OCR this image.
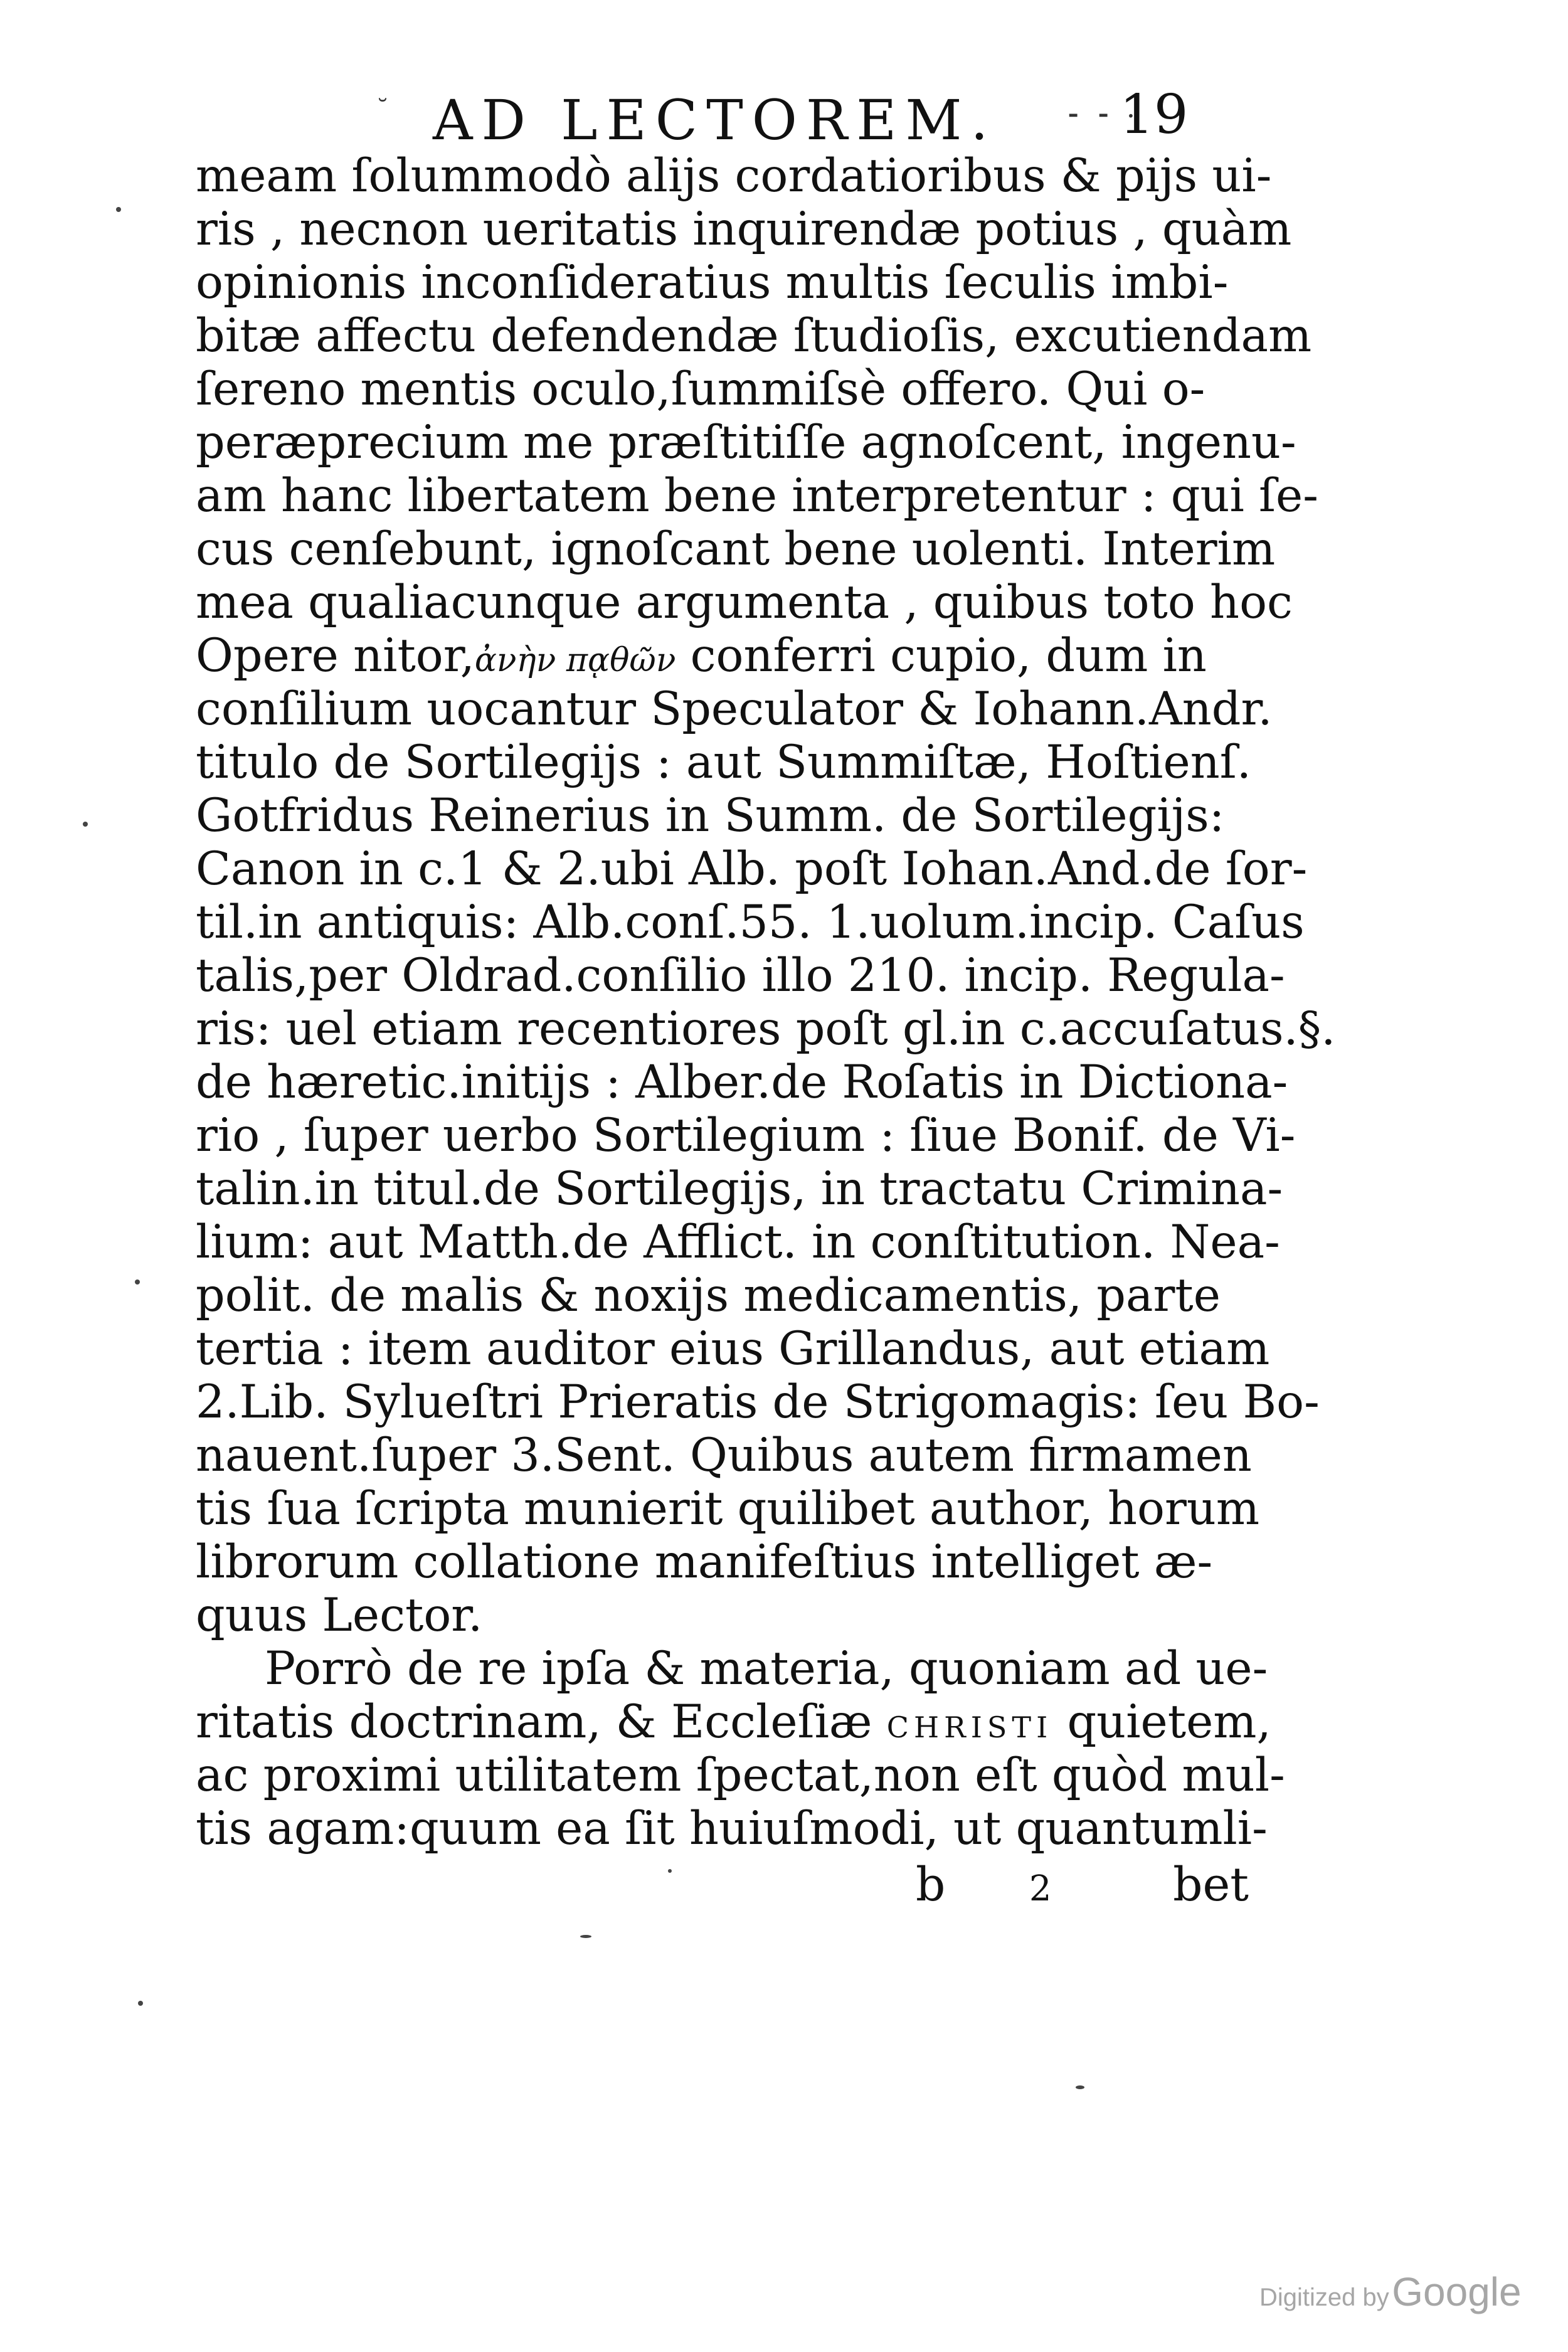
˘ AD LECTOREM.	⁃ ⁃ ·
19
meam ſolummodò alijs cordatioribus & pijs ui-
ris , necnon ueritatis inquirendæ potius , quàm
opinionis inconſideratius multis ſeculis imbi-
bitæ affectu defendendæ ſtudioſis, excutiendam
ſereno mentis oculo,ſummiſsè offero. Qui o-
peræprecium me præſtitiſſe agnoſcent, ingenu-
am hanc libertatem bene interpretentur : qui ſe-
cus cenſebunt, ignoſcant bene uolenti. Interim
mea qualiacunque argumenta , quibus toto hoc
Opere nitor,ἀνὴν πᾳθῶν conferri cupio, dum in
conſilium uocantur Speculator & Iohann.Andr.
titulo de Sortilegijs : aut Summiſtæ, Hoſtienſ.
Gotfridus Reinerius in Summ. de Sortilegijs:
Canon in c.1 & 2.ubi Alb. poſt Iohan.And.de ſor-
til.in antiquis: Alb.conſ.55. 1.uolum.incip. Caſus
talis,per Oldrad.conſilio illo 210. incip. Regula-
ris: uel etiam recentiores poſt gl.in c.accuſatus.§.
de hæretic.initijs : Alber.de Roſatis in Dictiona-
rio , ſuper uerbo Sortilegium : ſiue Bonif. de Vi-
talin.in titul.de Sortilegijs, in tractatu Crimina-
lium: aut Matth.de Afflict. in conſtitution. Nea-
polit. de malis & noxijs medicamentis, parte
tertia : item auditor eius Grillandus, aut etiam
2.Lib. Sylueſtri Prieratis de Strigomagis: ſeu Bo-
nauent.ſuper 3.Sent. Quibus autem firmamen
tis ſua ſcripta munierit quilibet author, horum
librorum collatione manifeſtius intelliget æ-
quus Lector.
Porrò de re ipſa & materia, quoniam ad ue-
ritatis doctrinam, & Eccleſiæ CHRISTI quietem,
ac proximi utilitatem ſpectat,non eſt quòd mul-
tis agam:quum ea ſit huiuſmodi, ut quantumli-
b 2	bet
Digitized by Google
